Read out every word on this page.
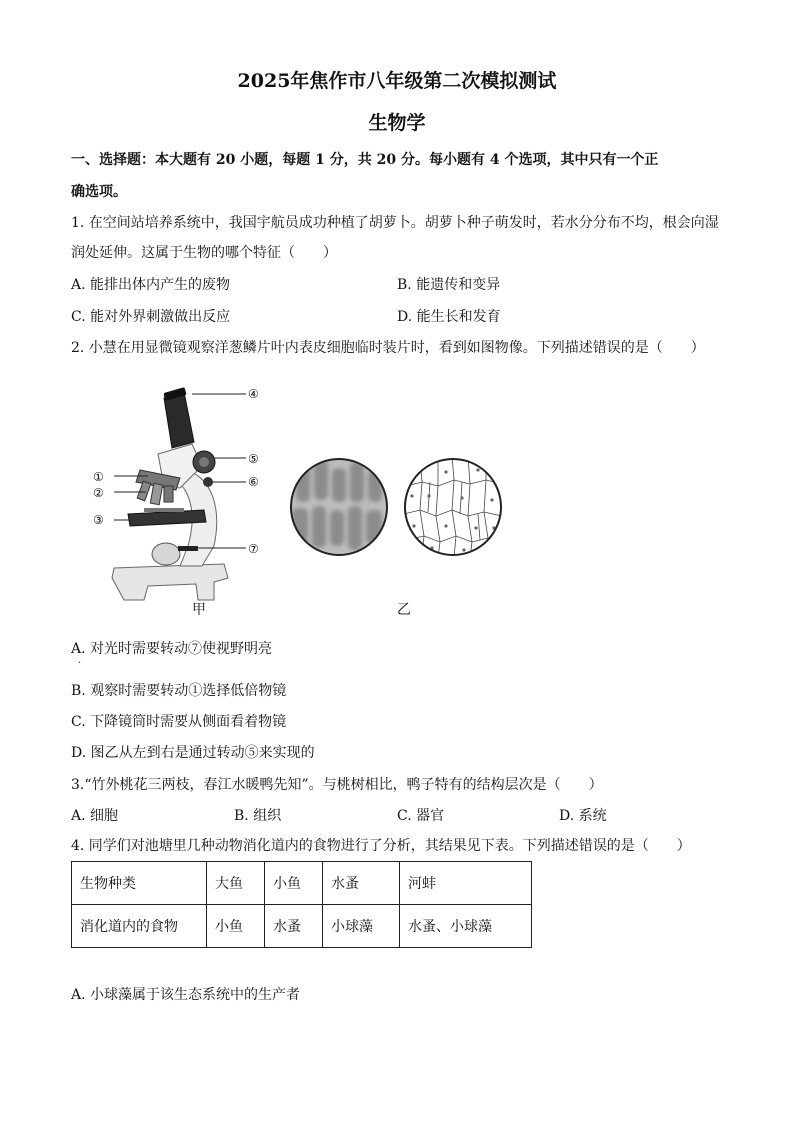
2025年焦作市八年级第二次模拟测试
生物学
一、选择题：本大题有 20 小题，每题 1 分，共 20 分。每小题有 4 个选项，其中只有一个正
确选项。
1. 在空间站培养系统中，我国宇航员成功种植了胡萝卜。胡萝卜种子萌发时，若水分分布不均，根会向湿
润处延伸。这属于生物的哪个特征（　　）
A. 能排出体内产生的废物	B. 能遗传和变异
C. 能对外界刺激做出反应	D. 能生长和发育
2. 小慧在用显微镜观察洋葱鳞片叶内表皮细胞临时装片时，看到如图物像。下列描述错误的是（　　）
④
⑤
⑥
①
②
③
⑦
甲	乙
A. 对光时需要转动⑦使视野明亮
.
B. 观察时需要转动①选择低倍物镜
C. 下降镜筒时需要从侧面看着物镜
D. 图乙从左到右是通过转动⑤来实现的
3.“竹外桃花三两枝，春江水暖鸭先知”。与桃树相比，鸭子特有的结构层次是（　　）
A. 细胞	B. 组织	C. 器官	D. 系统
4. 同学们对池塘里几种动物消化道内的食物进行了分析，其结果见下表。下列描述错误的是（　　）
生物种类	大鱼	小鱼	水蚤	河蚌
消化道内的食物	小鱼	水蚤	小球藻	水蚤、小球藻
A. 小球藻属于该生态系统中的生产者
